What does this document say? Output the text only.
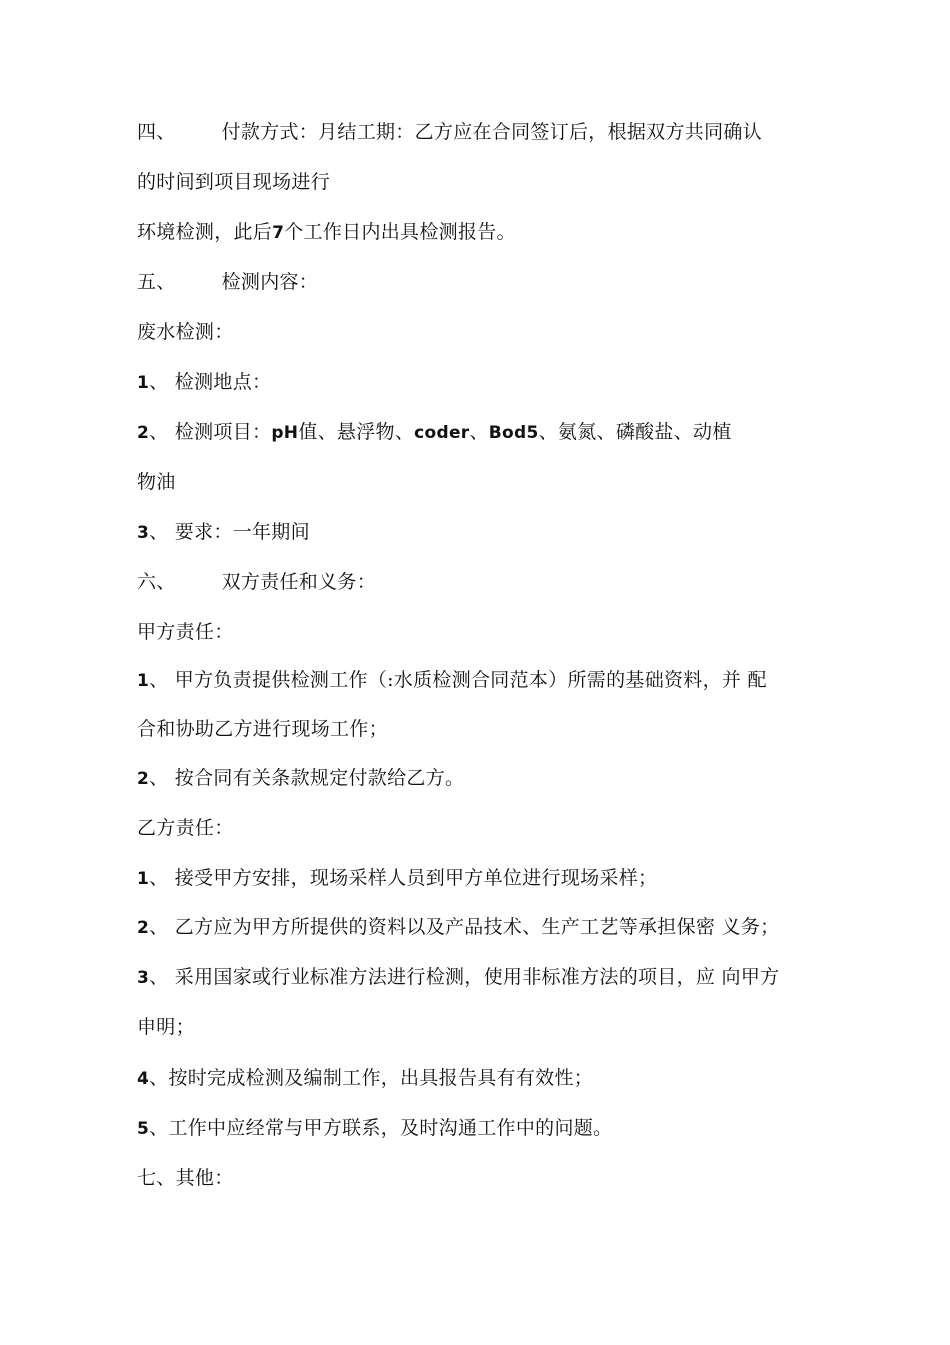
四、 付款方式：月结工期：乙方应在合同签订后，根据双方共同确认
的时间到项目现场进行
环境检测，此后7个工作日内出具检测报告。
五、 检测内容：
废水检测：
1、 检测地点：
2、 检测项目：pH值、悬浮物、coder、Bod5、氨氮、磷酸盐、动植
物油
3、 要求：一年期间
六、 双方责任和义务：
甲方责任：
1、 甲方负责提供检测工作（:水质检测合同范本）所需的基础资料，并 配
合和协助乙方进行现场工作；
2、 按合同有关条款规定付款给乙方。
乙方责任：
1、 接受甲方安排，现场采样人员到甲方单位进行现场采样；
2、 乙方应为甲方所提供的资料以及产品技术、生产工艺等承担保密 义务；
3、 采用国家或行业标准方法进行检测，使用非标准方法的项目，应 向甲方
申明；
4、按时完成检测及编制工作，出具报告具有有效性；
5、工作中应经常与甲方联系，及时沟通工作中的问题。
七、其他：
